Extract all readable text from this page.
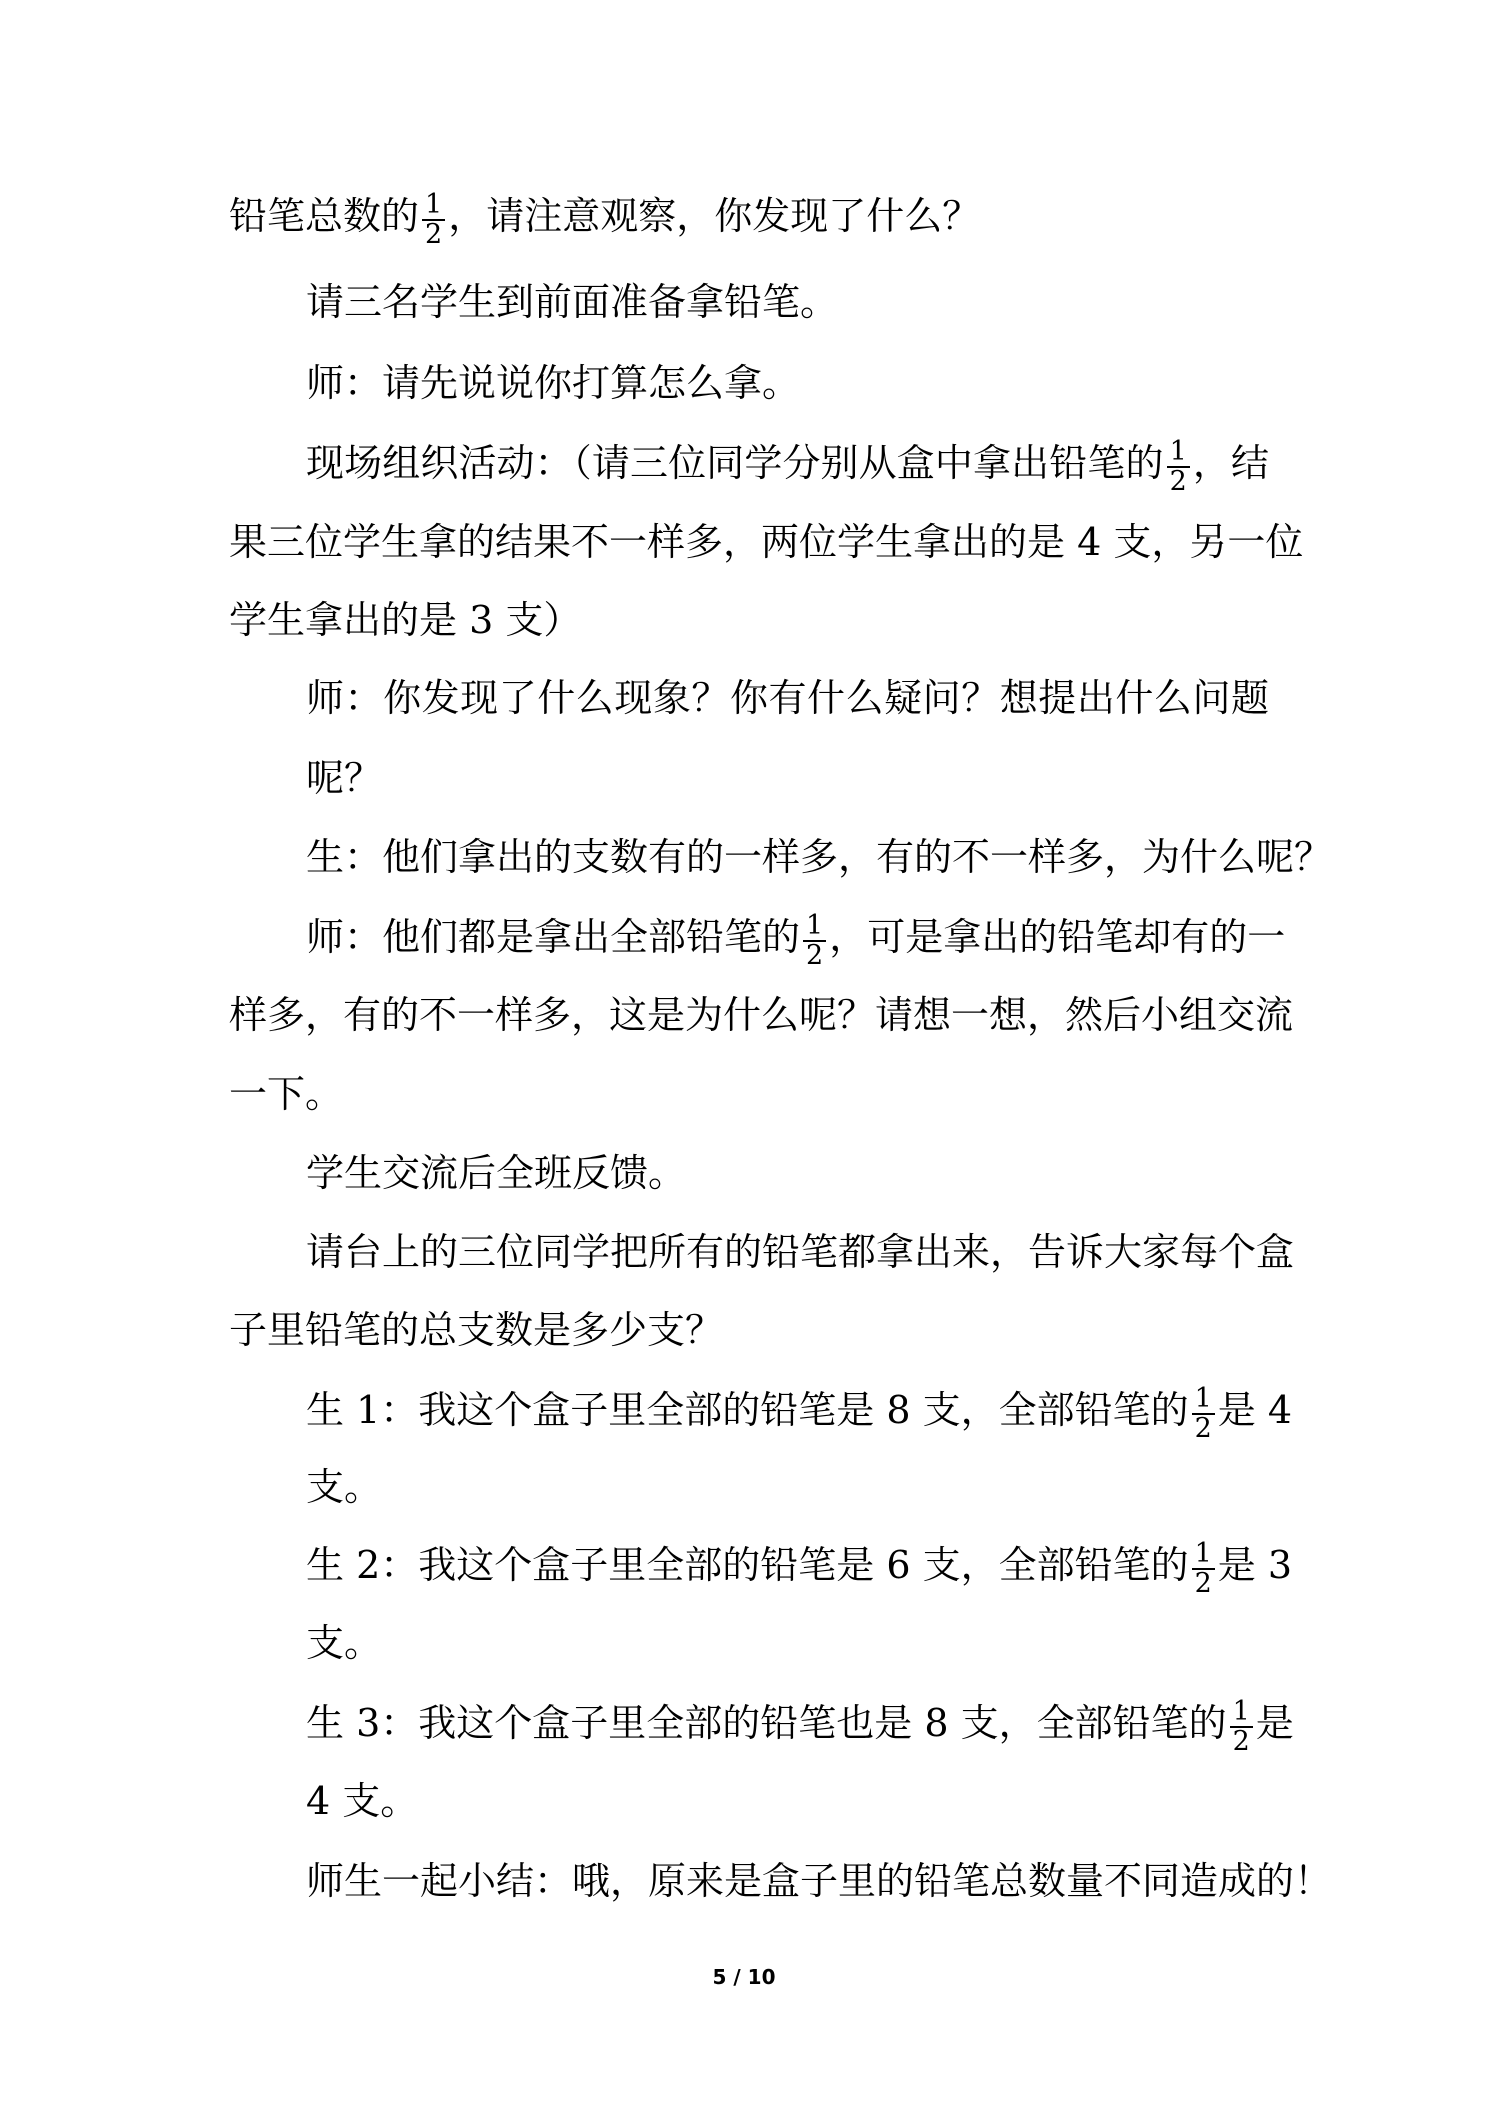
铅笔总数的 $\frac{1}{2}$ ，请注意观察，你发现了什么？
请三名学生到前面准备拿铅笔。
师：请先说说你打算怎么拿。
现场组织活动：（请三位同学分别从盒中拿出铅笔的 $\frac{1}{2}$ ，结
果三位学生拿的结果不一样多，两位学生拿出的是 4 支，另一位
学生拿出的是 3 支）
师：你发现了什么现象？你有什么疑问？想提出什么问题
呢？
生：他们拿出的支数有的一样多，有的不一样多，为什么呢？
师：他们都是拿出全部铅笔的 $\frac{1}{2}$ ，可是拿出的铅笔却有的一
样多，有的不一样多，这是为什么呢？请想一想，然后小组交流
一下。
学生交流后全班反馈。
请台上的三位同学把所有的铅笔都拿出来，告诉大家每个盒
子里铅笔的总支数是多少支？
生 1：我这个盒子里全部的铅笔是 8 支，全部铅笔的 $\frac{1}{2}$ 是 4
支。
生 2：我这个盒子里全部的铅笔是 6 支，全部铅笔的 $\frac{1}{2}$ 是 3
支。
生 3：我这个盒子里全部的铅笔也是 8 支，全部铅笔的 $\frac{1}{2}$ 是
4 支。
师生一起小结：哦，原来是盒子里的铅笔总数量不同造成的！
5 / 10
